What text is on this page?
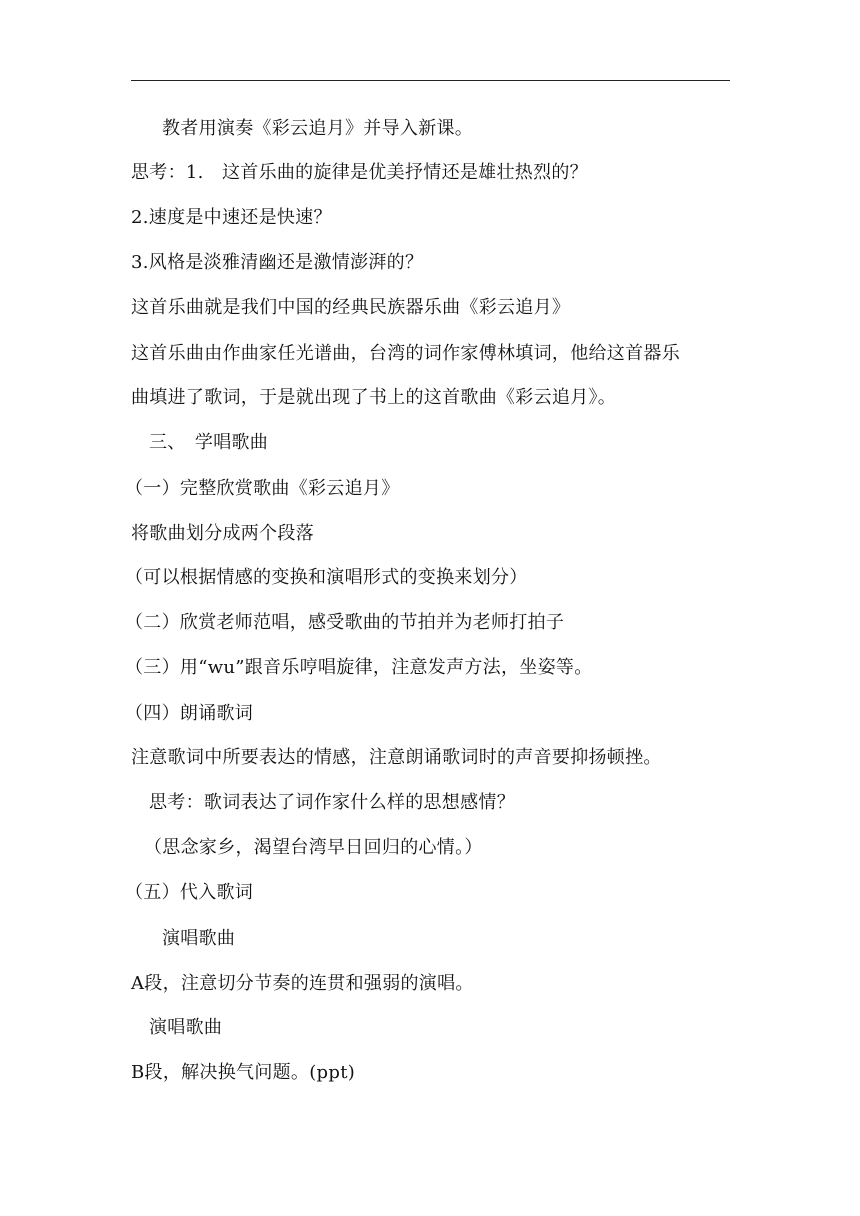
教者用演奏《彩云追月》并导入新课。
思考：1.　这首乐曲的旋律是优美抒情还是雄壮热烈的？
2.速度是中速还是快速？
3.风格是淡雅清幽还是激情澎湃的？
这首乐曲就是我们中国的经典民族器乐曲《彩云追月》
这首乐曲由作曲家任光谱曲，台湾的词作家傅林填词，他给这首器乐
曲填进了歌词，于是就出现了书上的这首歌曲《彩云追月》。
三、　学唱歌曲
（一）完整欣赏歌曲《彩云追月》
将歌曲划分成两个段落
（可以根据情感的变换和演唱形式的变换来划分）
（二）欣赏老师范唱，感受歌曲的节拍并为老师打拍子
（三）用“wu”跟音乐哼唱旋律，注意发声方法，坐姿等。
（四）朗诵歌词
注意歌词中所要表达的情感，注意朗诵歌词时的声音要抑扬顿挫。
思考：歌词表达了词作家什么样的思想感情？
（思念家乡，渴望台湾早日回归的心情。）
（五）代入歌词
演唱歌曲
A段，注意切分节奏的连贯和强弱的演唱。
演唱歌曲
B段，解决换气问题。(ppt)
